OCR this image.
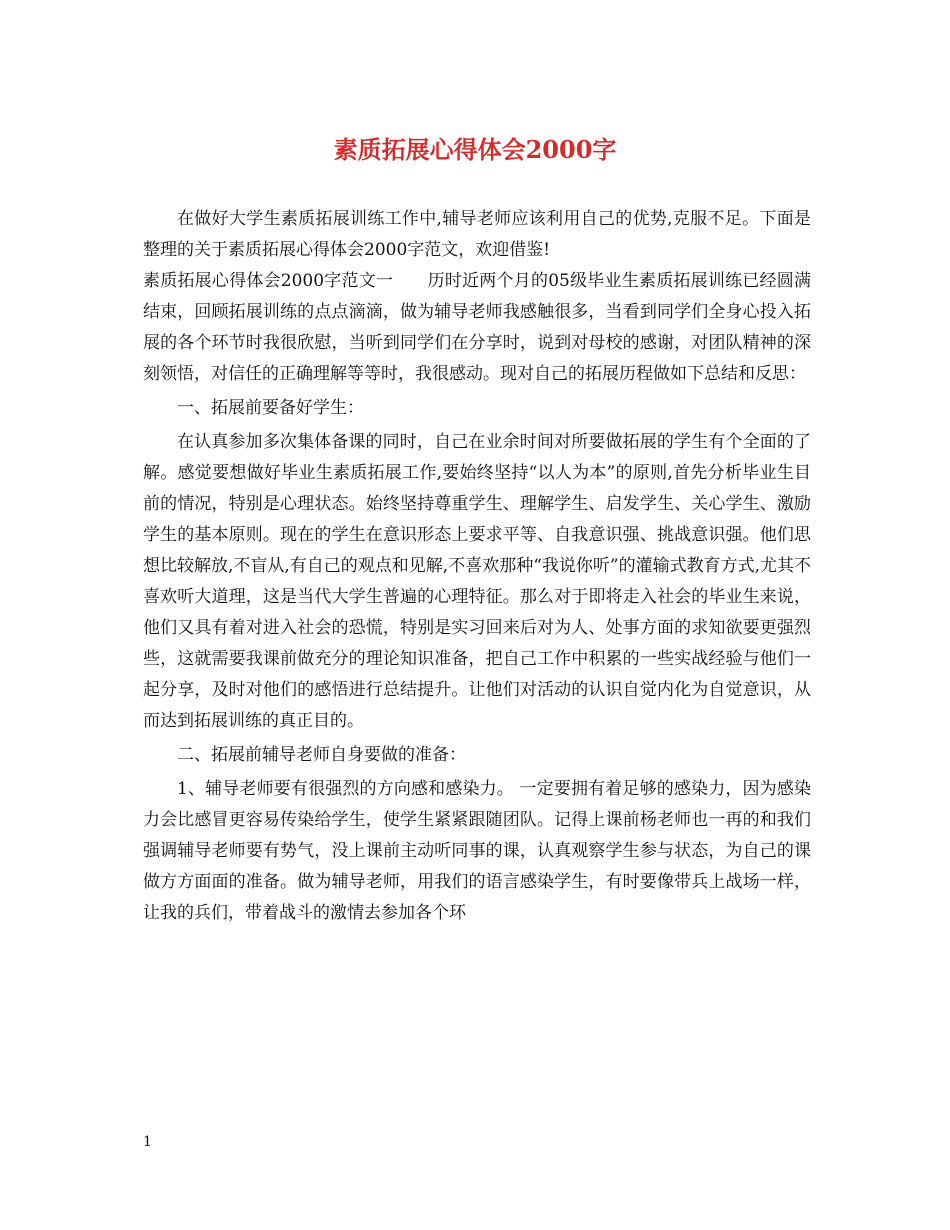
素质拓展心得体会2000字

在做好大学生素质拓展训练工作中,辅导老师应该利用自己的优势,克服不足。下面是整理的关于素质拓展心得体会2000字范文，欢迎借鉴!

素质拓展心得体会2000字范文一　　历时近两个月的05级毕业生素质拓展训练已经圆满结束，回顾拓展训练的点点滴滴，做为辅导老师我感触很多，当看到同学们全身心投入拓展的各个环节时我很欣慰，当听到同学们在分享时，说到对母校的感谢，对团队精神的深刻领悟，对信任的正确理解等等时，我很感动。现对自己的拓展历程做如下总结和反思：

一、拓展前要备好学生：

在认真参加多次集体备课的同时，自己在业余时间对所要做拓展的学生有个全面的了解。感觉要想做好毕业生素质拓展工作,要始终坚持“以人为本”的原则,首先分析毕业生目前的情况，特别是心理状态。始终坚持尊重学生、理解学生、启发学生、关心学生、激励学生的基本原则。现在的学生在意识形态上要求平等、自我意识强、挑战意识强。他们思想比较解放,不盲从,有自己的观点和见解,不喜欢那种“我说你听”的灌输式教育方式,尤其不喜欢听大道理，这是当代大学生普遍的心理特征。那么对于即将走入社会的毕业生来说，他们又具有着对进入社会的恐慌，特别是实习回来后对为人、处事方面的求知欲要更强烈些，这就需要我课前做充分的理论知识准备，把自己工作中积累的一些实战经验与他们一起分享，及时对他们的感悟进行总结提升。让他们对活动的认识自觉内化为自觉意识，从而达到拓展训练的真正目的。

二、拓展前辅导老师自身要做的准备：

1、辅导老师要有很强烈的方向感和感染力。 一定要拥有着足够的感染力，因为感染力会比感冒更容易传染给学生，使学生紧紧跟随团队。记得上课前杨老师也一再的和我们强调辅导老师要有势气，没上课前主动听同事的课，认真观察学生参与状态，为自己的课做方方面面的准备。做为辅导老师，用我们的语言感染学生，有时要像带兵上战场一样，让我的兵们，带着战斗的激情去参加各个环

1
